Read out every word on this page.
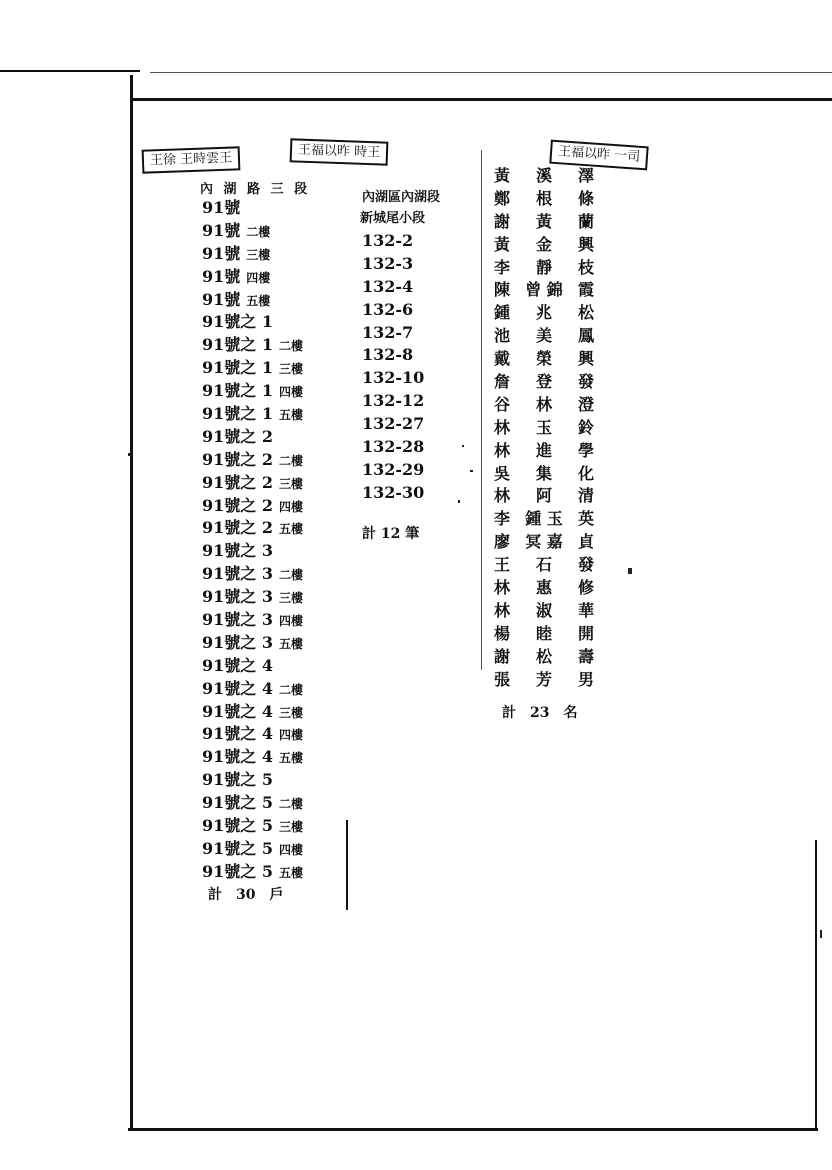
王徐 王時雲王	王福以昨 時王	王福以昨 一司
內 湖 路 三 段
91號
91號 二樓
91號 三樓
91號 四樓
91號 五樓
91號之 1
91號之 1 二樓
91號之 1 三樓
91號之 1 四樓
91號之 1 五樓
91號之 2
91號之 2 二樓
91號之 2 三樓
91號之 2 四樓
91號之 2 五樓
91號之 3
91號之 3 二樓
91號之 3 三樓
91號之 3 四樓
91號之 3 五樓
91號之 4
91號之 4 二樓
91號之 4 三樓
91號之 4 四樓
91號之 4 五樓
91號之 5
91號之 5 二樓
91號之 5 三樓
91號之 5 四樓
91號之 5 五樓
計　30　戶
內湖區內湖段
新城尾小段
132-2
132-3
132-4
132-6
132-7
132-8
132-10
132-12
132-27
132-28
132-29
132-30
計 12 筆
黃 溪 澤
鄭 根 條
謝 黃 蘭
黃 金 興
李 靜 枝
陳 曾 錦 霞
鍾 兆 松
池 美 鳳
戴 榮 興
詹 登 發
谷 林 澄
林 玉 鈴
林 進 學
吳 集 化
林 阿 清
李 鍾 玉 英
廖 冥 嘉 貞
王 石 發
林 惠 修
林 淑 華
楊 睦 開
謝 松 壽
張 芳 男
計　23　名
